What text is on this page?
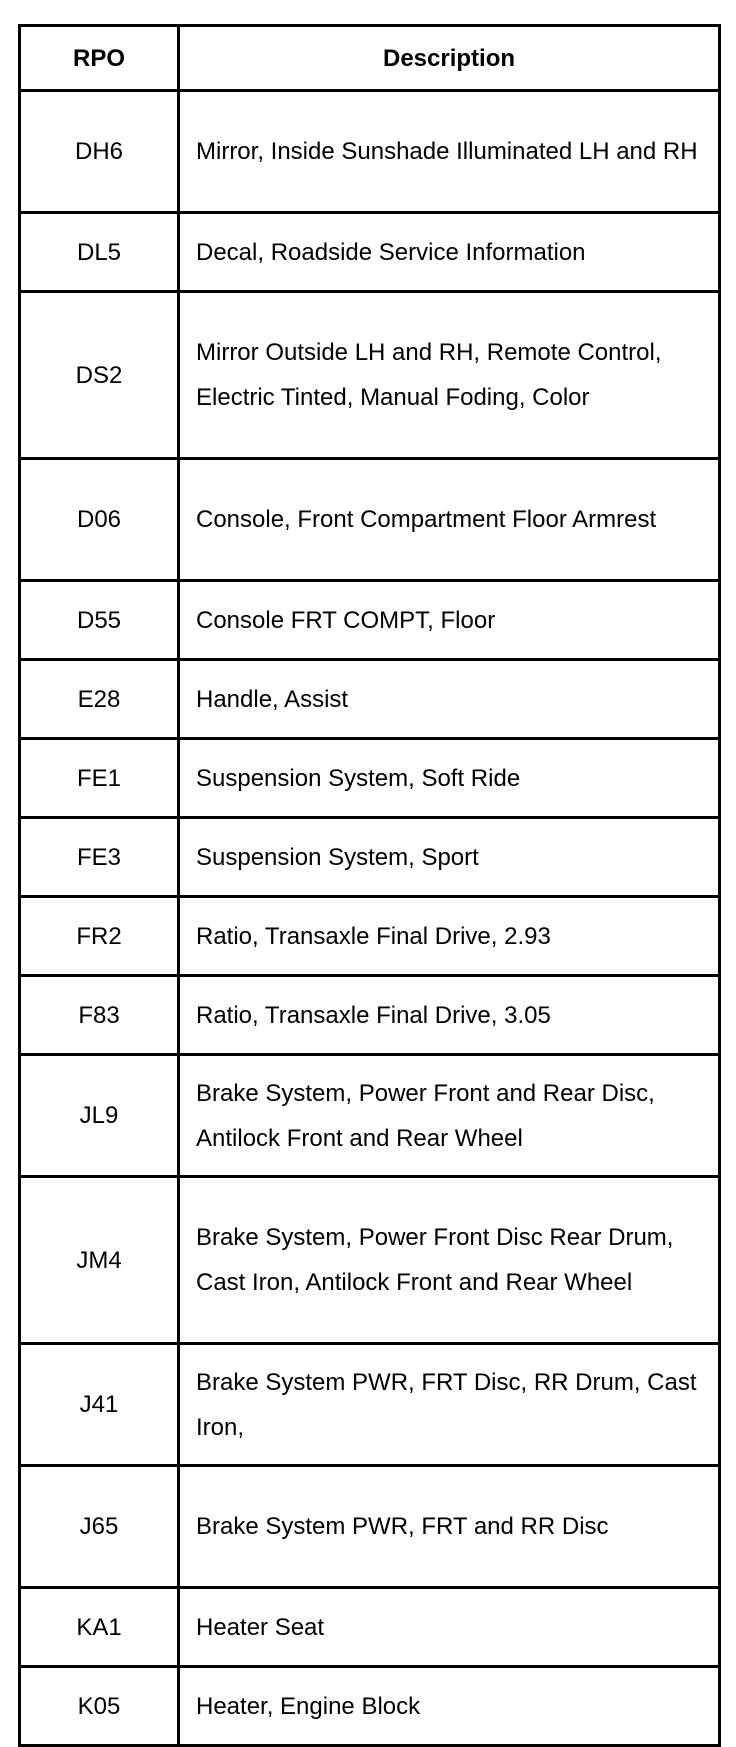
RPO	Description
DH6	Mirror, Inside Sunshade Illuminated LH and RH
DL5	Decal, Roadside Service Information
DS2	Mirror Outside LH and RH, Remote Control, Electric Tinted, Manual Foding, Color
D06	Console, Front Compartment Floor Armrest
D55	Console FRT COMPT, Floor
E28	Handle, Assist
FE1	Suspension System, Soft Ride
FE3	Suspension System, Sport
FR2	Ratio, Transaxle Final Drive, 2.93
F83	Ratio, Transaxle Final Drive, 3.05
JL9	Brake System, Power Front and Rear Disc, Antilock Front and Rear Wheel
JM4	Brake System, Power Front Disc Rear Drum, Cast Iron, Antilock Front and Rear Wheel
J41	Brake System PWR, FRT Disc, RR Drum, Cast Iron,
J65	Brake System PWR, FRT and RR Disc
KA1	Heater Seat
K05	Heater, Engine Block
